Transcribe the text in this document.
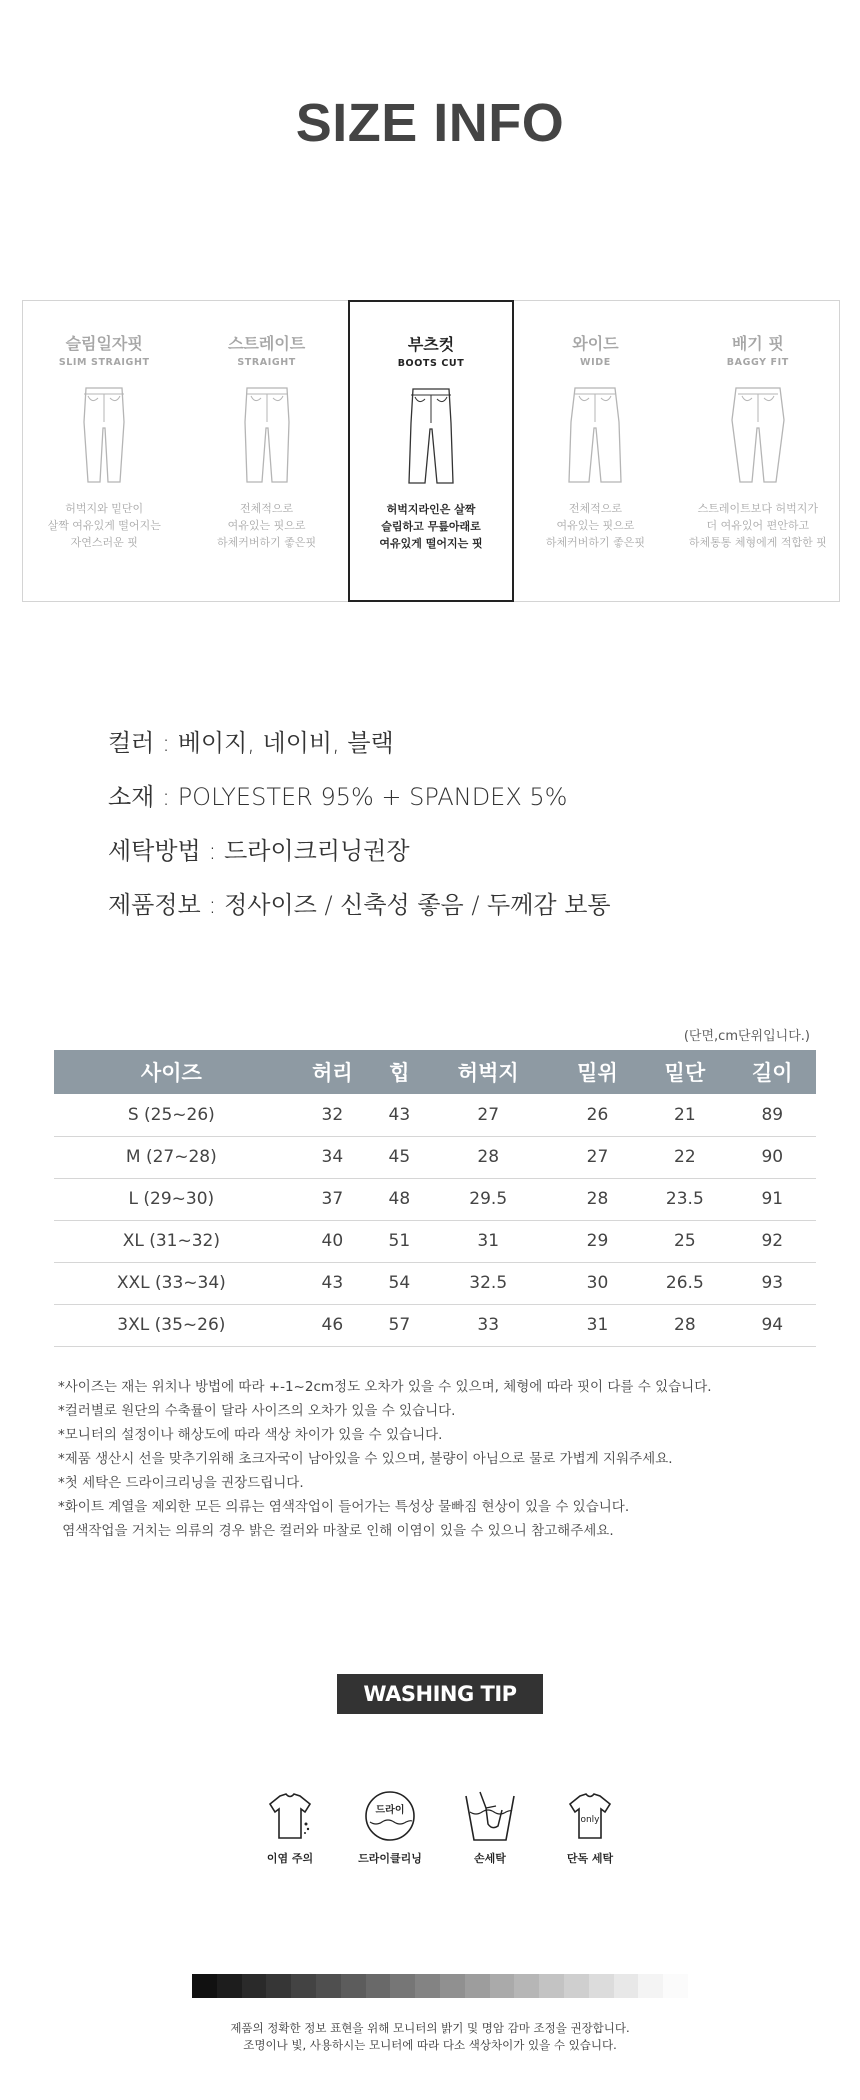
SIZE INFO
슬림일자핏
SLIM STRAIGHT
허벅지와 밑단이
살짝 여유있게 떨어지는
자연스러운 핏
스트레이트
STRAIGHT
전체적으로
여유있는 핏으로
하체커버하기 좋은핏
부츠컷
BOOTS CUT
허벅지라인은 살짝
슬림하고 무릎아래로
여유있게 떨어지는 핏
와이드
WIDE
전체적으로
여유있는 핏으로
하체커버하기 좋은핏
배기 핏
BAGGY FIT
스트레이트보다 허벅지가
더 여유있어 편안하고
하체통통 체형에게 적합한 핏
컬러 : 베이지, 네이비, 블랙
소재 : POLYESTER 95% + SPANDEX 5%
세탁방법 : 드라이크리닝권장
제품정보 : 정사이즈 / 신축성 좋음 / 두께감 보통
(단면,cm단위입니다.)
사이즈	허리	힙	허벅지	밑위	밑단	길이
S (25~26)	32	43	27	26	21	89
M (27~28)	34	45	28	27	22	90
L (29~30)	37	48	29.5	28	23.5	91
XL (31~32)	40	51	31	29	25	92
XXL (33~34)	43	54	32.5	30	26.5	93
3XL (35~26)	46	57	33	31	28	94
*사이즈는 재는 위치나 방법에 따라 +-1~2cm정도 오차가 있을 수 있으며, 체형에 따라 핏이 다를 수 있습니다.
*컬러별로 원단의 수축률이 달라 사이즈의 오차가 있을 수 있습니다.
*모니터의 설정이나 해상도에 따라 색상 차이가 있을 수 있습니다.
*제품 생산시 선을 맞추기위해 초크자국이 남아있을 수 있으며, 불량이 아님으로 물로 가볍게 지워주세요.
*첫 세탁은 드라이크리닝을 권장드립니다.
*화이트 계열을 제외한 모든 의류는 염색작업이 들어가는 특성상 물빠짐 현상이 있을 수 있습니다.
염색작업을 거치는 의류의 경우 밝은 컬러와 마찰로 인해 이염이 있을 수 있으니 참고해주세요.
WASHING TIP
이염 주의
드라이
드라이클리닝	손세탁
only
단독 세탁
제품의 정확한 정보 표현을 위해 모니터의 밝기 및 명암 감마 조정을 권장합니다.
조명이나 빛, 사용하시는 모니터에 따라 다소 색상차이가 있을 수 있습니다.
